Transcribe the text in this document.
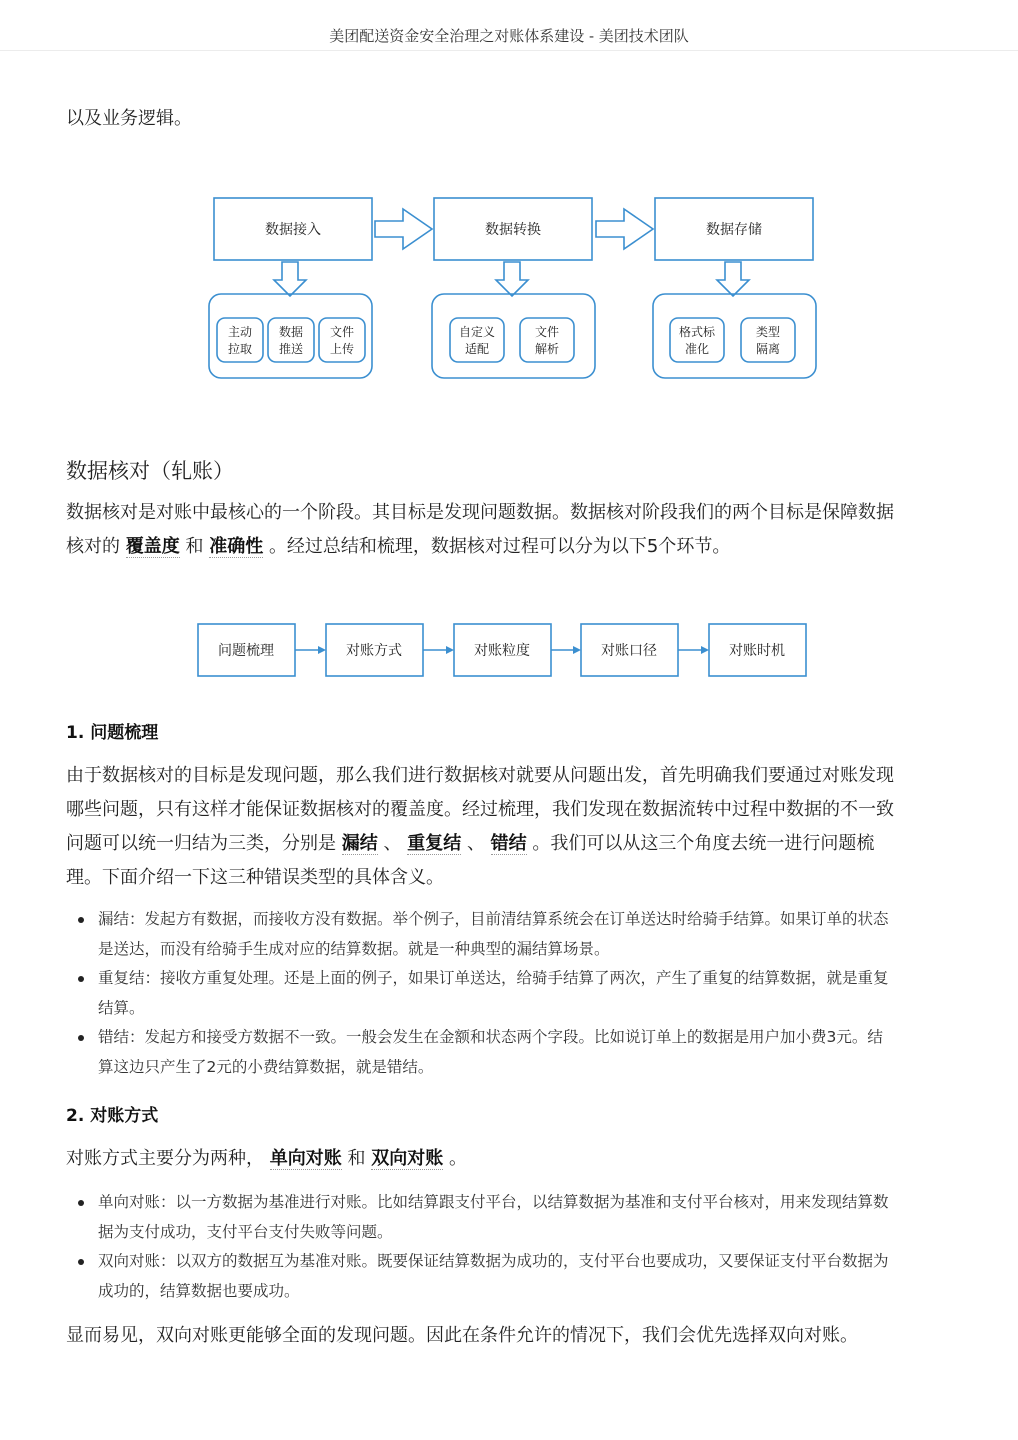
美团配送资金安全治理之对账体系建设 - 美团技术团队
以及业务逻辑。
数据接入	数据转换	数据存储
主动
拉取
数据
推送
文件
上传
自定义
适配
文件
解析
格式标
准化
类型
隔离
数据核对（轧账）
数据核对是对账中最核心的一个阶段。其目标是发现问题数据。数据核对阶段我们的两个目标是保障数据
核对的 覆盖度 和 准确性 。经过总结和梳理，数据核对过程可以分为以下5个环节。
问题梳理	对账方式	对账粒度	对账口径	对账时机
1. 问题梳理
由于数据核对的目标是发现问题，那么我们进行数据核对就要从问题出发，首先明确我们要通过对账发现
哪些问题，只有这样才能保证数据核对的覆盖度。经过梳理，我们发现在数据流转中过程中数据的不一致
问题可以统一归结为三类，分别是 漏结 、 重复结 、 错结 。我们可以从这三个角度去统一进行问题梳
理。下面介绍一下这三种错误类型的具体含义。
漏结：发起方有数据，而接收方没有数据。举个例子，目前清结算系统会在订单送达时给骑手结算。如果订单的状态
是送达，而没有给骑手生成对应的结算数据。就是一种典型的漏结算场景。
重复结：接收方重复处理。还是上面的例子，如果订单送达，给骑手结算了两次，产生了重复的结算数据，就是重复
结算。
错结：发起方和接受方数据不一致。一般会发生在金额和状态两个字段。比如说订单上的数据是用户加小费3元。结
算这边只产生了2元的小费结算数据，就是错结。
2. 对账方式
对账方式主要分为两种， 单向对账 和 双向对账 。
单向对账：以一方数据为基准进行对账。比如结算跟支付平台，以结算数据为基准和支付平台核对，用来发现结算数
据为支付成功，支付平台支付失败等问题。
双向对账：以双方的数据互为基准对账。既要保证结算数据为成功的，支付平台也要成功，又要保证支付平台数据为
成功的，结算数据也要成功。
显而易见，双向对账更能够全面的发现问题。因此在条件允许的情况下，我们会优先选择双向对账。
